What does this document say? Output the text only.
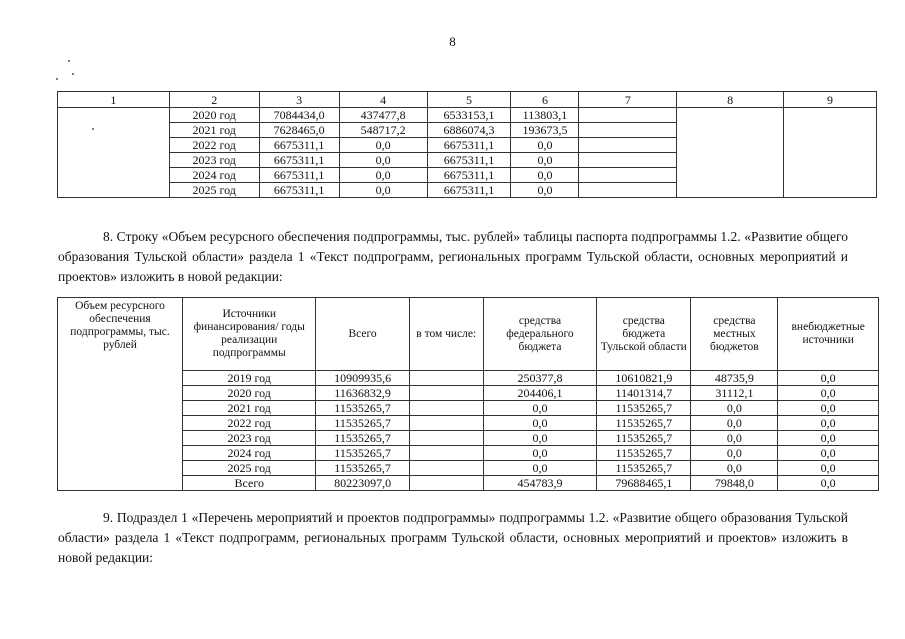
8
1	2	3	4	5	6	7	8	9
	2020 год	7084434,0	437477,8	6533153,1	113803,1			
	2021 год	7628465,0	548717,2	6886074,3	193673,5			
	2022 год	6675311,1	0,0	6675311,1	0,0			
	2023 год	6675311,1	0,0	6675311,1	0,0			
	2024 год	6675311,1	0,0	6675311,1	0,0			
	2025 год	6675311,1	0,0	6675311,1	0,0			
8. Строку «Объем ресурсного обеспечения подпрограммы, тыс. рублей» таблицы паспорта подпрограммы 1.2. «Развитие общего образования Тульской области» раздела 1 «Текст подпрограмм, региональных программ Тульской области, основных мероприятий и проектов» изложить в новой редакции:
Объем ресурсного обеспечения подпрограммы, тыс. рублей	Источники финансирования/ годы реализации подпрограммы	Всего	в том числе:	средства федерального бюджета	средства бюджета Тульской области	средства местных бюджетов	внебюджетные источники
	2019 год	10909935,6		250377,8	10610821,9	48735,9	0,0
	2020 год	11636832,9		204406,1	11401314,7	31112,1	0,0
	2021 год	11535265,7		0,0	11535265,7	0,0	0,0
	2022 год	11535265,7		0,0	11535265,7	0,0	0,0
	2023 год	11535265,7		0,0	11535265,7	0,0	0,0
	2024 год	11535265,7		0,0	11535265,7	0,0	0,0
	2025 год	11535265,7		0,0	11535265,7	0,0	0,0
	Всего	80223097,0		454783,9	79688465,1	79848,0	0,0
9. Подраздел 1 «Перечень мероприятий и проектов подпрограммы» подпрограммы 1.2. «Развитие общего образования Тульской области» раздела 1 «Текст подпрограмм, региональных программ Тульской области, основных мероприятий и проектов» изложить в новой редакции:
